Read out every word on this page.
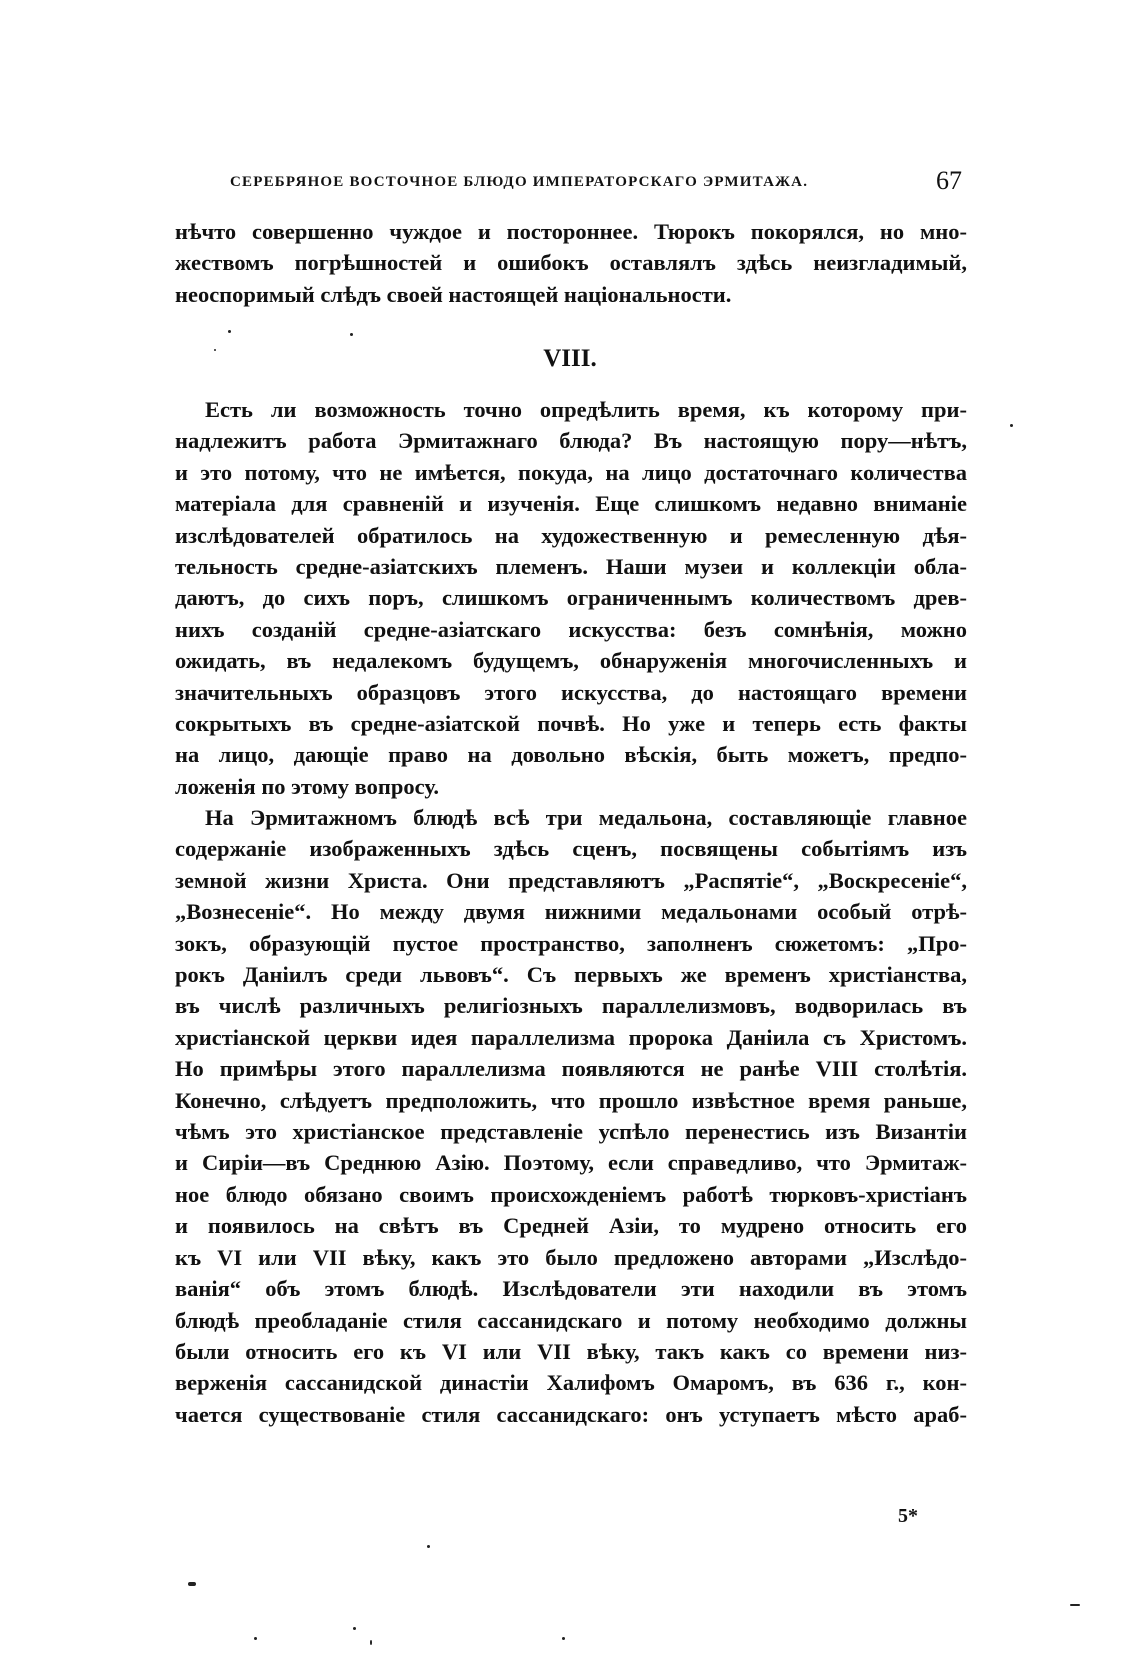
СЕРЕБРЯНОЕ ВОСТОЧНОЕ БЛЮДО ИМПЕРАТОРСКАГО ЭРМИТАЖА.	67

нѣчто совершенно чуждое и постороннее. Тюрокъ покорялся, но мно-
жествомъ погрѣшностей и ошибокъ оставлялъ здѣсь неизгладимый,
неоспоримый слѣдъ своей настоящей національности.

VIII.

Есть ли возможность точно опредѣлить время, къ которому при-
надлежитъ работа Эрмитажнаго блюда? Въ настоящую пору—нѣтъ,
и это потому, что не имѣется, покуда, на лицо достаточнаго количества
матеріала для сравненій и изученія. Еще слишкомъ недавно вниманіе
изслѣдователей обратилось на художественную и ремесленную дѣя-
тельность средне-азіатскихъ племенъ. Наши музеи и коллекціи обла-
даютъ, до сихъ поръ, слишкомъ ограниченнымъ количествомъ древ-
нихъ созданій средне-азіатскаго искусства: безъ сомнѣнія, можно
ожидать, въ недалекомъ будущемъ, обнаруженія многочисленныхъ и
значительныхъ образцовъ этого искусства, до настоящаго времени
сокрытыхъ въ средне-азіатской почвѣ. Но уже и теперь есть факты
на лицо, дающіе право на довольно вѣскія, быть можетъ, предпо-
ложенія по этому вопросу.

На Эрмитажномъ блюдѣ всѣ три медальона, составляющіе главное
содержаніе изображенныхъ здѣсь сценъ, посвящены событіямъ изъ
земной жизни Христа. Они представляютъ „Распятіе“, „Воскресеніе“,
„Вознесеніе“. Но между двумя нижними медальонами особый отрѣ-
зокъ, образующій пустое пространство, заполненъ сюжетомъ: „Про-
рокъ Даніилъ среди львовъ“. Съ первыхъ же временъ христіанства,
въ числѣ различныхъ религіозныхъ параллелизмовъ, водворилась въ
христіанской церкви идея параллелизма пророка Даніила съ Христомъ.
Но примѣры этого параллелизма появляются не ранѣе VIII столѣтія.
Конечно, слѣдуетъ предположить, что прошло извѣстное время раньше,
чѣмъ это христіанское представленіе успѣло перенестись изъ Византіи
и Сиріи—въ Среднюю Азію. Поэтому, если справедливо, что Эрмитаж-
ное блюдо обязано своимъ происхожденіемъ работѣ тюрковъ-христіанъ
и появилось на свѣтъ въ Средней Азіи, то мудрено относить его
къ VI или VII вѣку, какъ это было предложено авторами „Изслѣдо-
ванія“ объ этомъ блюдѣ. Изслѣдователи эти находили въ этомъ
блюдѣ преобладаніе стиля сассанидскаго и потому необходимо должны
были относить его къ VI или VII вѣку, такъ какъ со времени низ-
верженія сассанидской династіи Халифомъ Омаромъ, въ 636 г., кон-
чается существованіе стиля сассанидскаго: онъ уступаетъ мѣсто араб-

5*
